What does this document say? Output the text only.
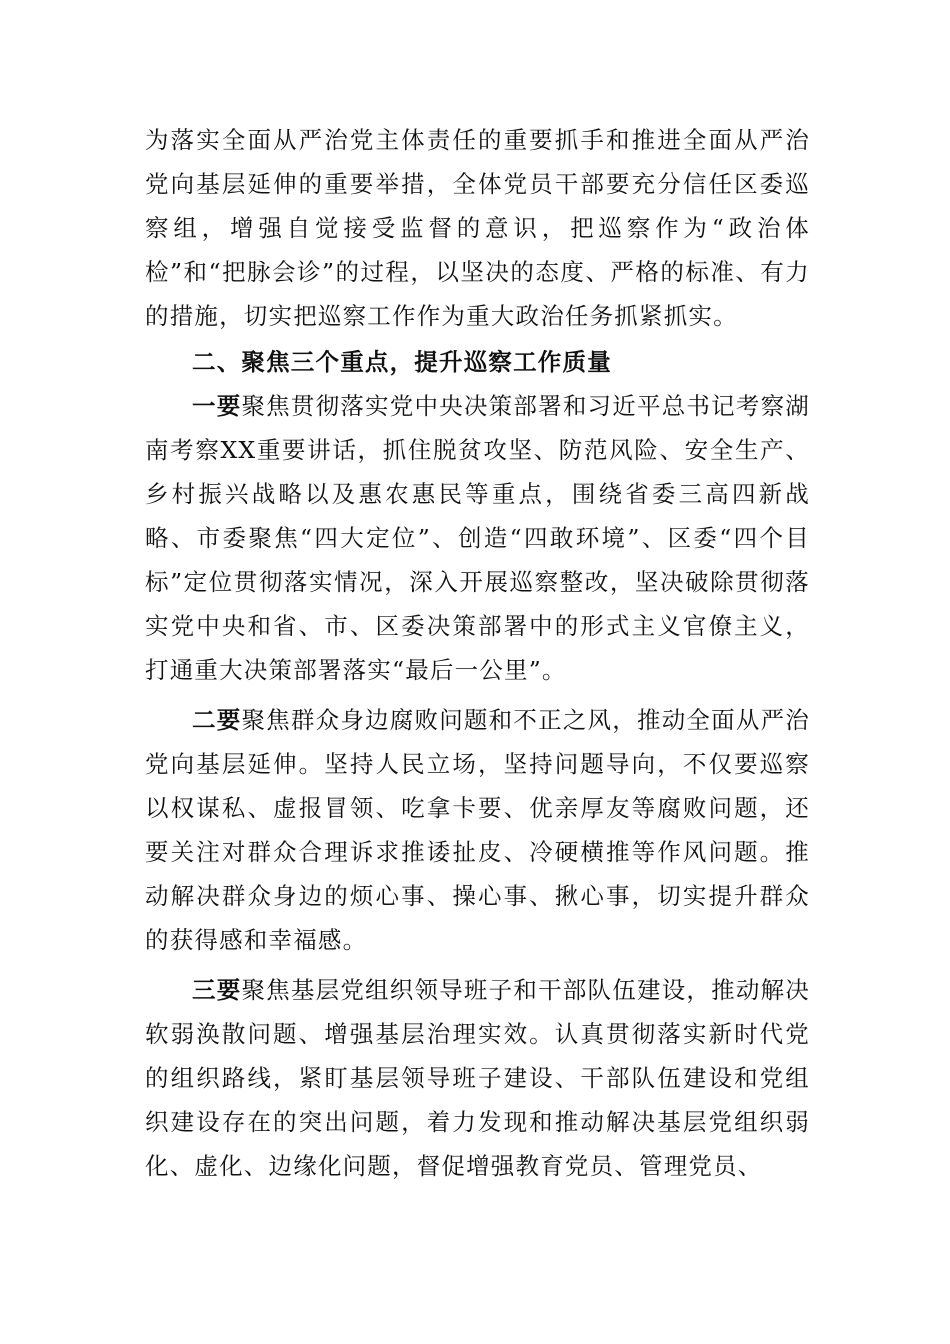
为落实全面从严治党主体责任的重要抓手和推进全面从严治党向基层延伸的重要举措，全体党员干部要充分信任区委巡察组，增强自觉接受监督的意识，把巡察作为“政治体检”和“把脉会诊”的过程，以坚决的态度、严格的标准、有力的措施，切实把巡察工作作为重大政治任务抓紧抓实。

二、聚焦三个重点，提升巡察工作质量

一要聚焦贯彻落实党中央决策部署和习近平总书记考察湖南考察XX重要讲话，抓住脱贫攻坚、防范风险、安全生产、乡村振兴战略以及惠农惠民等重点，围绕省委三高四新战略、市委聚焦“四大定位”、创造“四敢环境”、区委“四个目标”定位贯彻落实情况，深入开展巡察整改，坚决破除贯彻落实党中央和省、市、区委决策部署中的形式主义官僚主义，打通重大决策部署落实“最后一公里”。

二要聚焦群众身边腐败问题和不正之风，推动全面从严治党向基层延伸。坚持人民立场，坚持问题导向，不仅要巡察以权谋私、虚报冒领、吃拿卡要、优亲厚友等腐败问题，还要关注对群众合理诉求推诿扯皮、冷硬横推等作风问题。推动解决群众身边的烦心事、操心事、揪心事，切实提升群众的获得感和幸福感。

三要聚焦基层党组织领导班子和干部队伍建设，推动解决软弱涣散问题、增强基层治理实效。认真贯彻落实新时代党的组织路线，紧盯基层领导班子建设、干部队伍建设和党组织建设存在的突出问题，着力发现和推动解决基层党组织弱化、虚化、边缘化问题，督促增强教育党员、管理党员、
